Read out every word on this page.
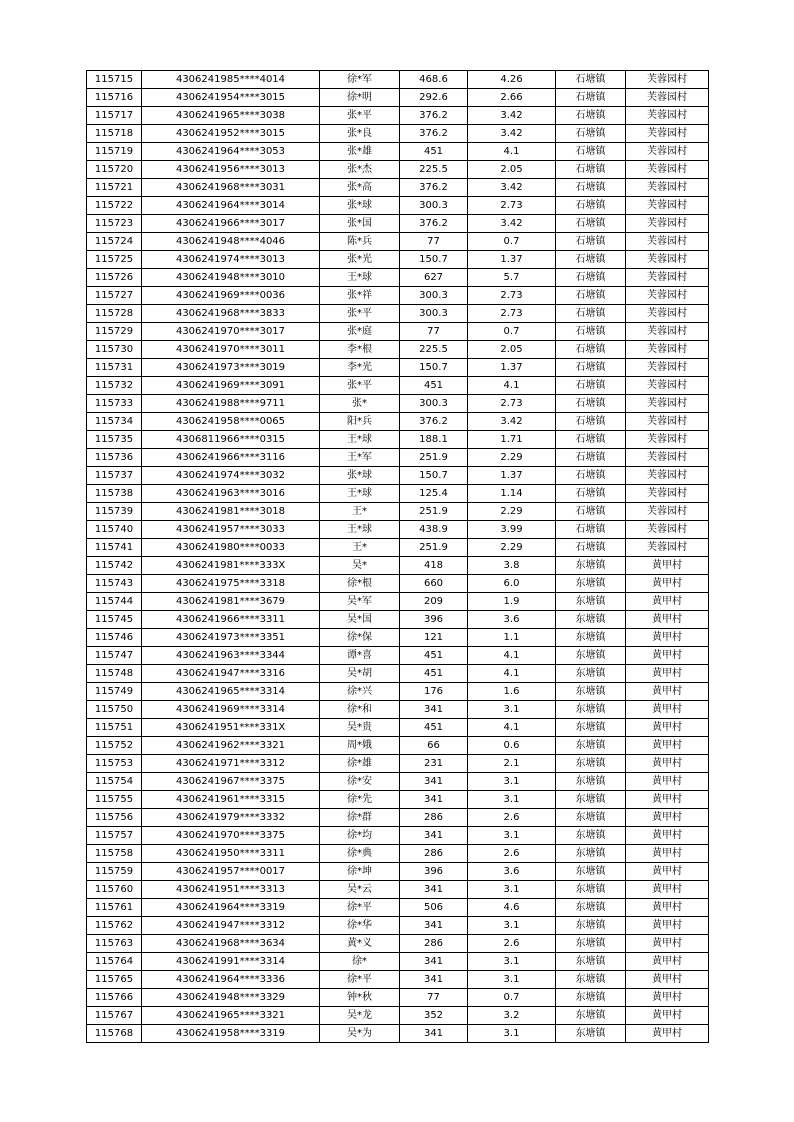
115715	4306241985****4014	徐*军	468.6	4.26	石塘镇	芙蓉园村
115716	4306241954****3015	徐*明	292.6	2.66	石塘镇	芙蓉园村
115717	4306241965****3038	张*平	376.2	3.42	石塘镇	芙蓉园村
115718	4306241952****3015	张*良	376.2	3.42	石塘镇	芙蓉园村
115719	4306241964****3053	张*雄	451	4.1	石塘镇	芙蓉园村
115720	4306241956****3013	张*杰	225.5	2.05	石塘镇	芙蓉园村
115721	4306241968****3031	张*高	376.2	3.42	石塘镇	芙蓉园村
115722	4306241964****3014	张*球	300.3	2.73	石塘镇	芙蓉园村
115723	4306241966****3017	张*国	376.2	3.42	石塘镇	芙蓉园村
115724	4306241948****4046	陈*兵	77	0.7	石塘镇	芙蓉园村
115725	4306241974****3013	张*光	150.7	1.37	石塘镇	芙蓉园村
115726	4306241948****3010	王*球	627	5.7	石塘镇	芙蓉园村
115727	4306241969****0036	张*祥	300.3	2.73	石塘镇	芙蓉园村
115728	4306241968****3833	张*平	300.3	2.73	石塘镇	芙蓉园村
115729	4306241970****3017	张*庭	77	0.7	石塘镇	芙蓉园村
115730	4306241970****3011	李*根	225.5	2.05	石塘镇	芙蓉园村
115731	4306241973****3019	李*光	150.7	1.37	石塘镇	芙蓉园村
115732	4306241969****3091	张*平	451	4.1	石塘镇	芙蓉园村
115733	4306241988****9711	张*	300.3	2.73	石塘镇	芙蓉园村
115734	4306241958****0065	阳*兵	376.2	3.42	石塘镇	芙蓉园村
115735	4306811966****0315	王*球	188.1	1.71	石塘镇	芙蓉园村
115736	4306241966****3116	王*军	251.9	2.29	石塘镇	芙蓉园村
115737	4306241974****3032	张*球	150.7	1.37	石塘镇	芙蓉园村
115738	4306241963****3016	王*球	125.4	1.14	石塘镇	芙蓉园村
115739	4306241981****3018	王*	251.9	2.29	石塘镇	芙蓉园村
115740	4306241957****3033	王*球	438.9	3.99	石塘镇	芙蓉园村
115741	4306241980****0033	王*	251.9	2.29	石塘镇	芙蓉园村
115742	4306241981****333X	吴*	418	3.8	东塘镇	黄甲村
115743	4306241975****3318	徐*根	660	6.0	东塘镇	黄甲村
115744	4306241981****3679	吴*军	209	1.9	东塘镇	黄甲村
115745	4306241966****3311	吴*国	396	3.6	东塘镇	黄甲村
115746	4306241973****3351	徐*保	121	1.1	东塘镇	黄甲村
115747	4306241963****3344	谭*喜	451	4.1	东塘镇	黄甲村
115748	4306241947****3316	吴*胡	451	4.1	东塘镇	黄甲村
115749	4306241965****3314	徐*兴	176	1.6	东塘镇	黄甲村
115750	4306241969****3314	徐*和	341	3.1	东塘镇	黄甲村
115751	4306241951****331X	吴*贵	451	4.1	东塘镇	黄甲村
115752	4306241962****3321	周*娥	66	0.6	东塘镇	黄甲村
115753	4306241971****3312	徐*雄	231	2.1	东塘镇	黄甲村
115754	4306241967****3375	徐*安	341	3.1	东塘镇	黄甲村
115755	4306241961****3315	徐*先	341	3.1	东塘镇	黄甲村
115756	4306241979****3332	徐*群	286	2.6	东塘镇	黄甲村
115757	4306241970****3375	徐*均	341	3.1	东塘镇	黄甲村
115758	4306241950****3311	徐*典	286	2.6	东塘镇	黄甲村
115759	4306241957****0017	徐*坤	396	3.6	东塘镇	黄甲村
115760	4306241951****3313	吴*云	341	3.1	东塘镇	黄甲村
115761	4306241964****3319	徐*平	506	4.6	东塘镇	黄甲村
115762	4306241947****3312	徐*华	341	3.1	东塘镇	黄甲村
115763	4306241968****3634	黄*义	286	2.6	东塘镇	黄甲村
115764	4306241991****3314	徐*	341	3.1	东塘镇	黄甲村
115765	4306241964****3336	徐*平	341	3.1	东塘镇	黄甲村
115766	4306241948****3329	钟*秋	77	0.7	东塘镇	黄甲村
115767	4306241965****3321	吴*龙	352	3.2	东塘镇	黄甲村
115768	4306241958****3319	吴*为	341	3.1	东塘镇	黄甲村
